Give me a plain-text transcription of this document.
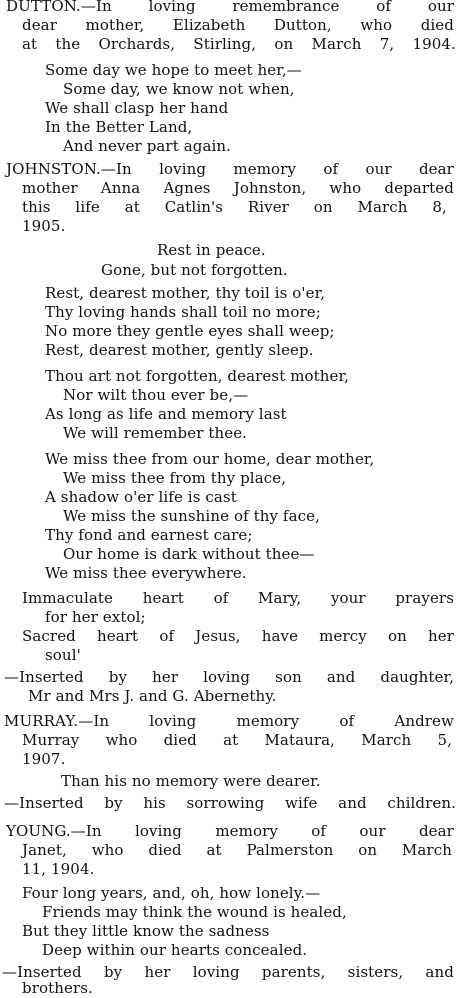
DUTTON.—In loving remembrance of our
dear mother, Elizabeth Dutton, who died
at the Orchards, Stirling, on March 7, 1904.
Some day we hope to meet her,—
Some day, we know not when,
We shall clasp her hand
In the Better Land,
And never part again.
JOHNSTON.—In loving memory of our dear
mother Anna Agnes Johnston, who departed
this life at Catlin's River on March 8,
1905.
Rest in peace.
Gone, but not forgotten.
Rest, dearest mother, thy toil is o'er,
Thy loving hands shall toil no more;
No more they gentle eyes shall weep;
Rest, dearest mother, gently sleep.
Thou art not forgotten, dearest mother,
Nor wilt thou ever be,—
As long as life and memory last
We will remember thee.
We miss thee from our home, dear mother,
We miss thee from thy place,
A shadow o'er life is cast
We miss the sunshine of thy face,
Thy fond and earnest care;
Our home is dark without thee—
We miss thee everywhere.
Immaculate heart of Mary, your prayers
for her extol;
Sacred heart of Jesus, have mercy on her
soul'
—Inserted by her loving son and daughter,
Mr and Mrs J. and G. Abernethy.
MURRAY.—In	loving	memory	of	Andrew
Murray who died at Mataura, March 5,
1907.
Than his no memory were dearer.
—Inserted by his sorrowing wife and children.
YOUNG.—In loving memory of our dear
Janet, who died at Palmerston on March
11, 1904.
Four long years, and, oh, how lonely.—
Friends may think the wound is healed,
But they little know the sadness
Deep within our hearts concealed.
—Inserted by her loving parents, sisters, and
brothers.
